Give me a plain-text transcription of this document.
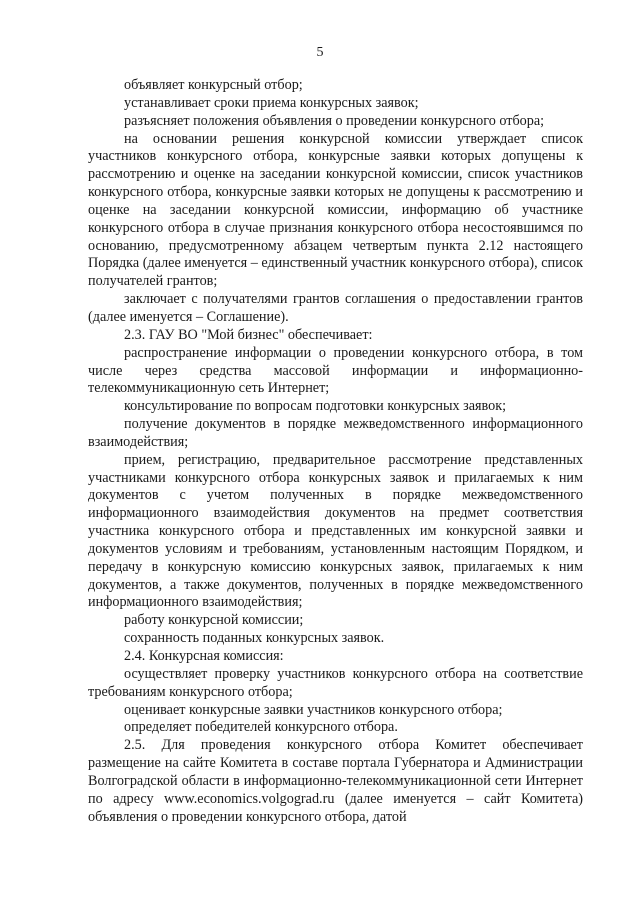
5

объявляет конкурсный отбор;

устанавливает сроки приема конкурсных заявок;

разъясняет положения объявления о проведении конкурсного отбора;

на основании решения конкурсной комиссии утверждает список участников конкурсного отбора, конкурсные заявки которых допущены к рассмотрению и оценке на заседании конкурсной комиссии, список участников конкурсного отбора, конкурсные заявки которых не допущены к рассмотрению и оценке на заседании конкурсной комиссии, информацию об участнике конкурсного отбора в случае признания конкурсного отбора несостоявшимся по основанию, предусмотренному абзацем четвертым пункта 2.12 настоящего Порядка (далее именуется – единственный участник конкурсного отбора), список получателей грантов;

заключает с получателями грантов соглашения о предоставлении грантов (далее именуется – Соглашение).

2.3. ГАУ ВО "Мой бизнес" обеспечивает:

распространение информации о проведении конкурсного отбора, в том числе через средства массовой информации и информационно-телекоммуникационную сеть Интернет;

консультирование по вопросам подготовки конкурсных заявок;

получение документов в порядке межведомственного информационного взаимодействия;

прием, регистрацию, предварительное рассмотрение представленных участниками конкурсного отбора конкурсных заявок и прилагаемых к ним документов с учетом полученных в порядке межведомственного информационного взаимодействия документов на предмет соответствия участника конкурсного отбора и представленных им конкурсной заявки и документов условиям и требованиям, установленным настоящим Порядком, и передачу в конкурсную комиссию конкурсных заявок, прилагаемых к ним документов, а также документов, полученных в порядке межведомственного информационного взаимодействия;

работу конкурсной комиссии;

сохранность поданных конкурсных заявок.

2.4. Конкурсная комиссия:

осуществляет проверку участников конкурсного отбора на соответствие требованиям конкурсного отбора;

оценивает конкурсные заявки участников конкурсного отбора;

определяет победителей конкурсного отбора.

2.5. Для проведения конкурсного отбора Комитет обеспечивает размещение на сайте Комитета в составе портала Губернатора и Администрации Волгоградской области в информационно-телекоммуникационной сети Интернет по адресу www.economics.volgograd.ru (далее именуется – сайт Комитета) объявления о проведении конкурсного отбора, датой
